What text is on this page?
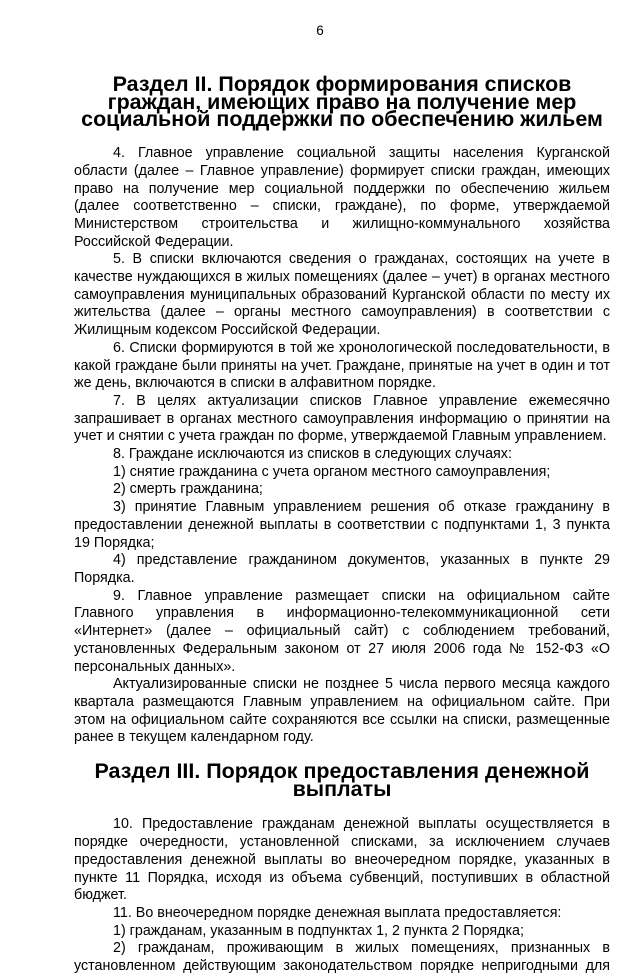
6
Раздел II. Порядок формирования списков граждан, имеющих право на получение мер социальной поддержки по обеспечению жильем

4. Главное управление социальной защиты населения Курганской области (далее – Главное управление) формирует списки граждан, имеющих право на получение мер социальной поддержки по обеспечению жильем (далее соответственно – списки, граждане), по форме, утверждаемой Министерством строительства и жилищно-коммунального хозяйства Российской Федерации.

5. В списки включаются сведения о гражданах, состоящих на учете в качестве нуждающихся в жилых помещениях (далее – учет) в органах местного самоуправления муниципальных образований Курганской области по месту их жительства (далее – органы местного самоуправления) в соответствии с Жилищным кодексом Российской Федерации.

6. Списки формируются в той же хронологической последовательности, в какой граждане были приняты на учет. Граждане, принятые на учет в один и тот же день, включаются в списки в алфавитном порядке.

7. В целях актуализации списков Главное управление ежемесячно запрашивает в органах местного самоуправления информацию о принятии на учет и снятии с учета граждан по форме, утверждаемой Главным управлением.

8. Граждане исключаются из списков в следующих случаях:

1) снятие гражданина с учета органом местного самоуправления;

2) смерть гражданина;

3) принятие Главным управлением решения об отказе гражданину в предоставлении денежной выплаты в соответствии с подпунктами 1, 3 пункта 19 Порядка;

4) представление гражданином документов, указанных в пункте 29 Порядка.

9. Главное управление размещает списки на официальном сайте Главного управления в информационно-телекоммуникационной сети «Интернет» (далее – официальный сайт) с соблюдением требований, установленных Федеральным законом от 27 июля 2006 года № 152-ФЗ «О персональных данных».

Актуализированные списки не позднее 5 числа первого месяца каждого квартала размещаются Главным управлением на официальном сайте. При этом на официальном сайте сохраняются все ссылки на списки, размещенные ранее в текущем календарном году.

Раздел III. Порядок предоставления денежной выплаты

10. Предоставление гражданам денежной выплаты осуществляется в порядке очередности, установленной списками, за исключением случаев предоставления денежной выплаты во внеочередном порядке, указанных в пункте 11 Порядка, исходя из объема субвенций, поступивших в областной бюджет.

11. Во внеочередном порядке денежная выплата предоставляется:

1) гражданам, указанным в подпунктах 1, 2 пункта 2 Порядка;

2) гражданам, проживающим в жилых помещениях, признанных в установленном действующим законодательством порядке непригодными для
